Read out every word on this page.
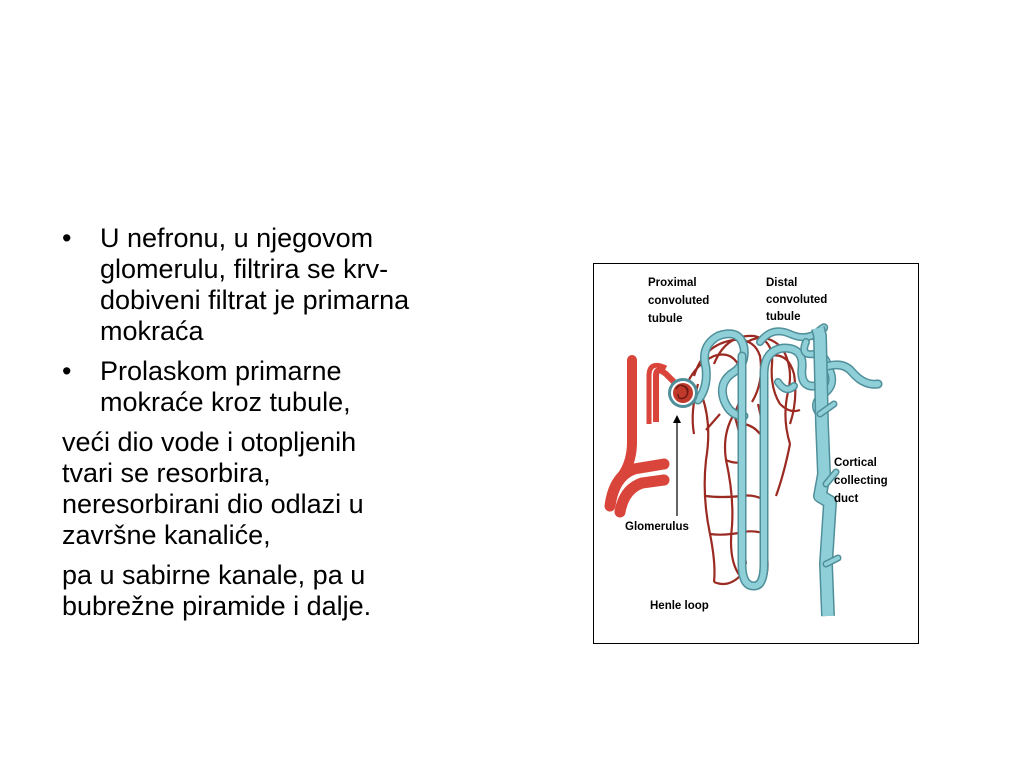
• U nefronu, u njegovom
glomerulu, filtrira se krv-
dobiveni filtrat je primarna
mokraća
• Prolaskom primarne
mokraće kroz tubule,
veći dio vode i otopljenih
tvari se resorbira,
neresorbirani dio odlazi u
završne kanaliće,
pa u sabirne kanale, pa u
bubrežne piramide i dalje.
Proximal
convoluted
tubule
Distal
convoluted
tubule
Cortical
collecting
duct
Glomerulus
Henle loop
